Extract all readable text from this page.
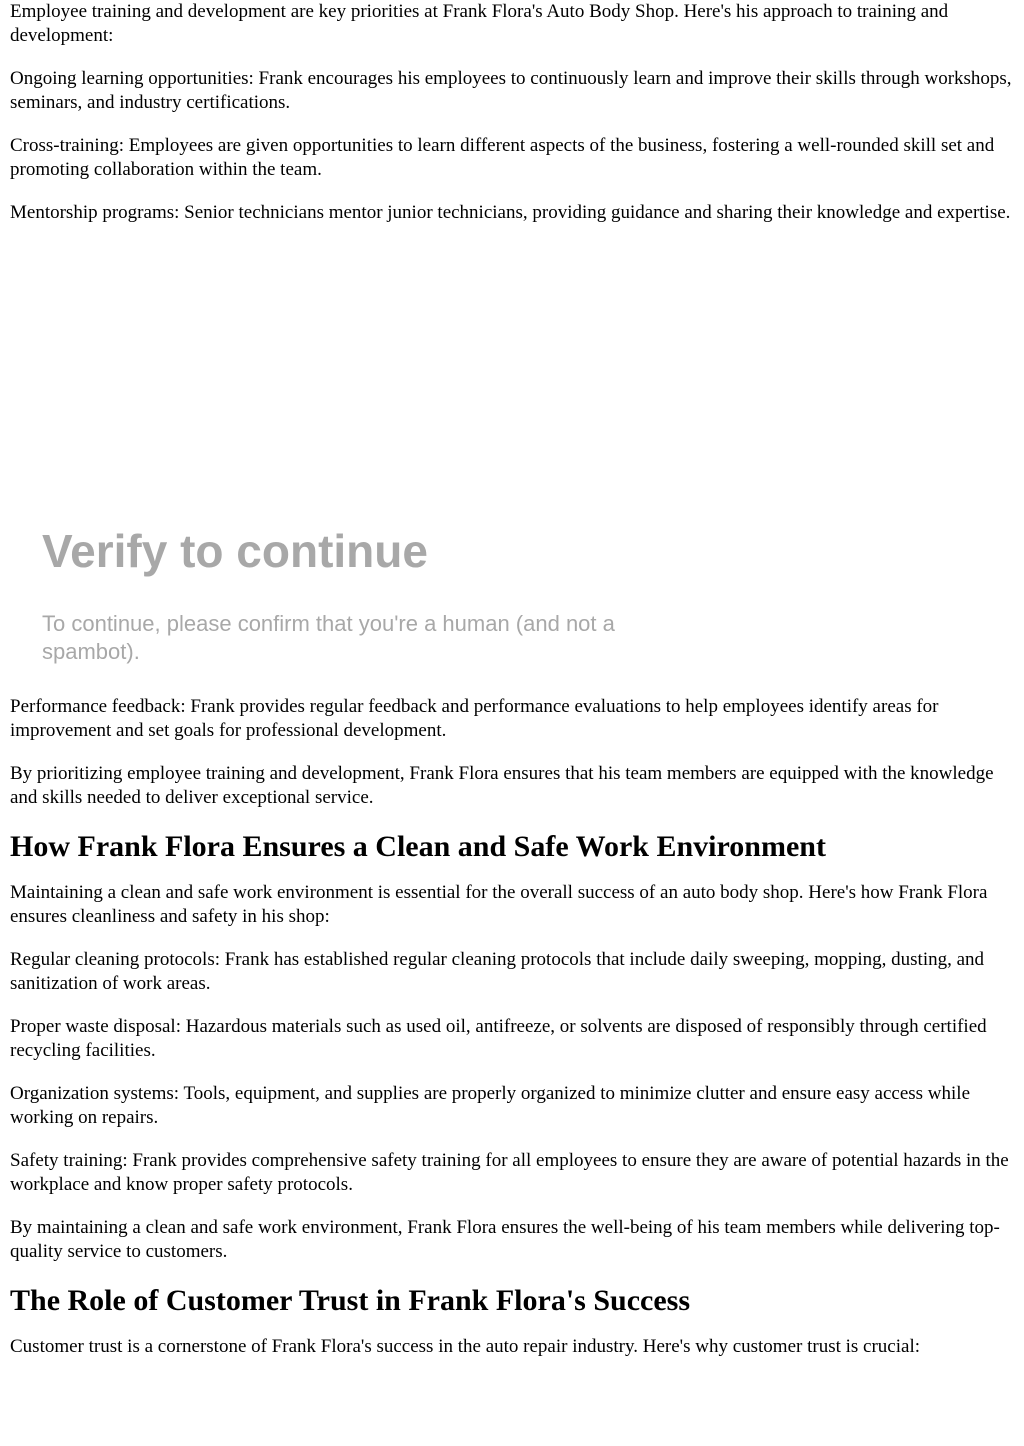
Employee training and development are key priorities at Frank Flora's Auto Body Shop. Here's his approach to training and development:

Ongoing learning opportunities: Frank encourages his employees to continuously learn and improve their skills through workshops, seminars, and industry certifications.

Cross-training: Employees are given opportunities to learn different aspects of the business, fostering a well-rounded skill set and promoting collaboration within the team.

Mentorship programs: Senior technicians mentor junior technicians, providing guidance and sharing their knowledge and expertise.

Verify to continue

To continue, please confirm that you're a human (and not a spambot).

Performance feedback: Frank provides regular feedback and performance evaluations to help employees identify areas for improvement and set goals for professional development.

By prioritizing employee training and development, Frank Flora ensures that his team members are equipped with the knowledge and skills needed to deliver exceptional service.

How Frank Flora Ensures a Clean and Safe Work Environment

Maintaining a clean and safe work environment is essential for the overall success of an auto body shop. Here's how Frank Flora ensures cleanliness and safety in his shop:

Regular cleaning protocols: Frank has established regular cleaning protocols that include daily sweeping, mopping, dusting, and sanitization of work areas.

Proper waste disposal: Hazardous materials such as used oil, antifreeze, or solvents are disposed of responsibly through certified recycling facilities.

Organization systems: Tools, equipment, and supplies are properly organized to minimize clutter and ensure easy access while working on repairs.

Safety training: Frank provides comprehensive safety training for all employees to ensure they are aware of potential hazards in the workplace and know proper safety protocols.

By maintaining a clean and safe work environment, Frank Flora ensures the well-being of his team members while delivering top-quality service to customers.

The Role of Customer Trust in Frank Flora's Success

Customer trust is a cornerstone of Frank Flora's success in the auto repair industry. Here's why customer trust is crucial:
